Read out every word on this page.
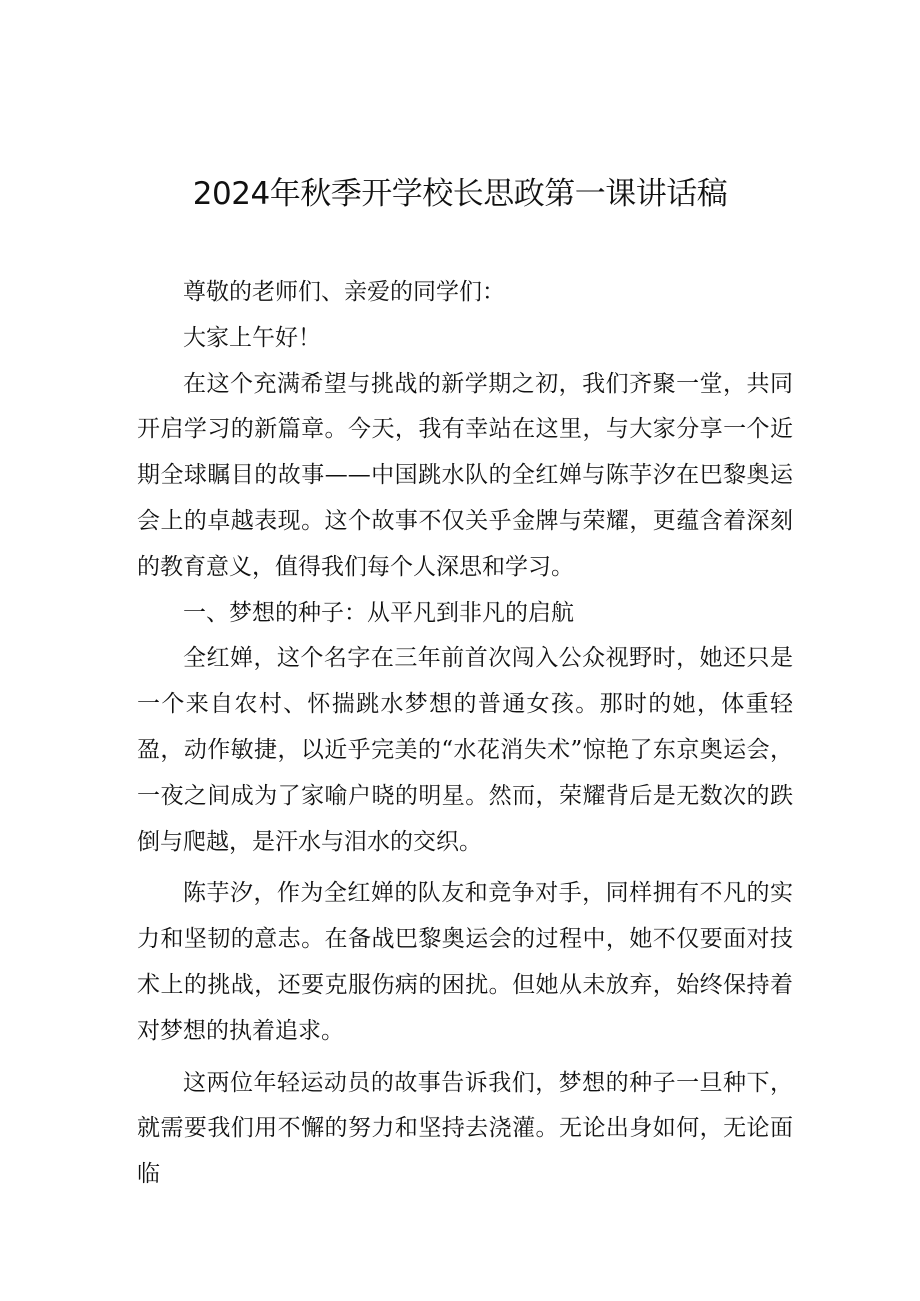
2024年秋季开学校长思政第一课讲话稿

尊敬的老师们、亲爱的同学们：

大家上午好！

在这个充满希望与挑战的新学期之初，我们齐聚一堂，共同开启学习的新篇章。今天，我有幸站在这里，与大家分享一个近期全球瞩目的故事——中国跳水队的全红婵与陈芋汐在巴黎奥运会上的卓越表现。这个故事不仅关乎金牌与荣耀，更蕴含着深刻的教育意义，值得我们每个人深思和学习。

一、梦想的种子：从平凡到非凡的启航

全红婵，这个名字在三年前首次闯入公众视野时，她还只是一个来自农村、怀揣跳水梦想的普通女孩。那时的她，体重轻盈，动作敏捷，以近乎完美的“水花消失术”惊艳了东京奥运会，一夜之间成为了家喻户晓的明星。然而，荣耀背后是无数次的跌倒与爬越，是汗水与泪水的交织。

陈芋汐，作为全红婵的队友和竞争对手，同样拥有不凡的实力和坚韧的意志。在备战巴黎奥运会的过程中，她不仅要面对技术上的挑战，还要克服伤病的困扰。但她从未放弃，始终保持着对梦想的执着追求。

这两位年轻运动员的故事告诉我们，梦想的种子一旦种下，就需要我们用不懈的努力和坚持去浇灌。无论出身如何，无论面临
